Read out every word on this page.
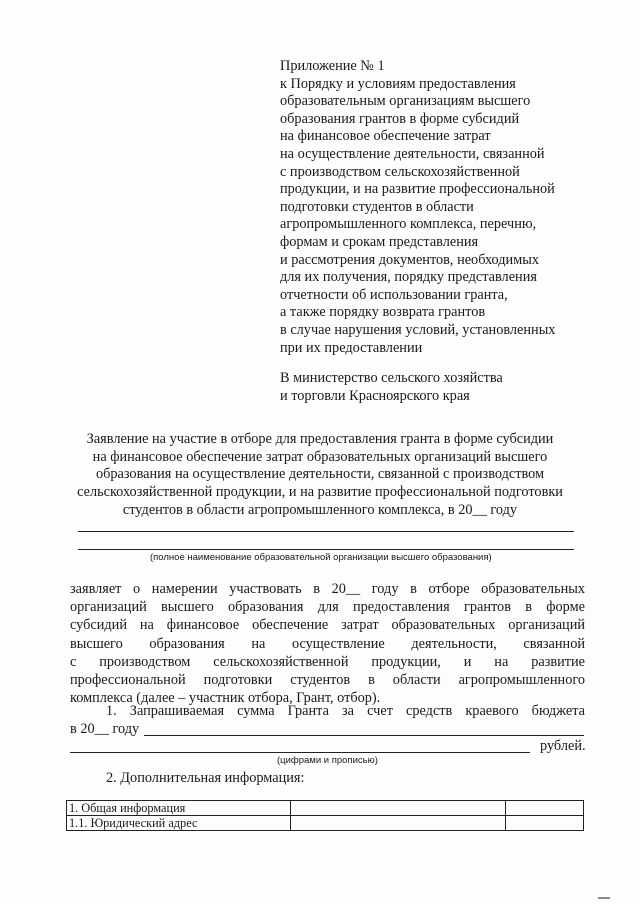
Приложение № 1
к Порядку и условиям предоставления
образовательным организациям высшего
образования грантов в форме субсидий
на финансовое обеспечение затрат
на осуществление деятельности, связанной
с производством сельскохозяйственной
продукции, и на развитие профессиональной
подготовки студентов в области
агропромышленного комплекса, перечню,
формам и срокам представления
и рассмотрения документов, необходимых
для их получения, порядку представления
отчетности об использовании гранта,
а также порядку возврата грантов
в случае нарушения условий, установленных
при их предоставлении
В министерство сельского хозяйства
и торговли Красноярского края
Заявление на участие в отборе для предоставления гранта в форме субсидии
на финансовое обеспечение затрат образовательных организаций высшего
образования на осуществление деятельности, связанной с производством
сельскохозяйственной продукции, и на развитие профессиональной подготовки
студентов в области агропромышленного комплекса, в 20__ году
(полное наименование образовательной организации высшего образования)
заявляет о намерении участвовать в 20__ году в отборе образовательных
организаций высшего образования для предоставления грантов в форме
субсидий на финансовое обеспечение затрат образовательных организаций
высшего образования на осуществление деятельности, связанной
с производством сельскохозяйственной продукции, и на развитие
профессиональной подготовки студентов в области агропромышленного
комплекса (далее – участник отбора, Грант, отбор).
1. Запрашиваемая сумма Гранта за счет средств краевого бюджета
в 20__ году
рублей.
(цифрами и прописью)
2. Дополнительная информация:
1. Общая информация		
1.1. Юридический адрес		
